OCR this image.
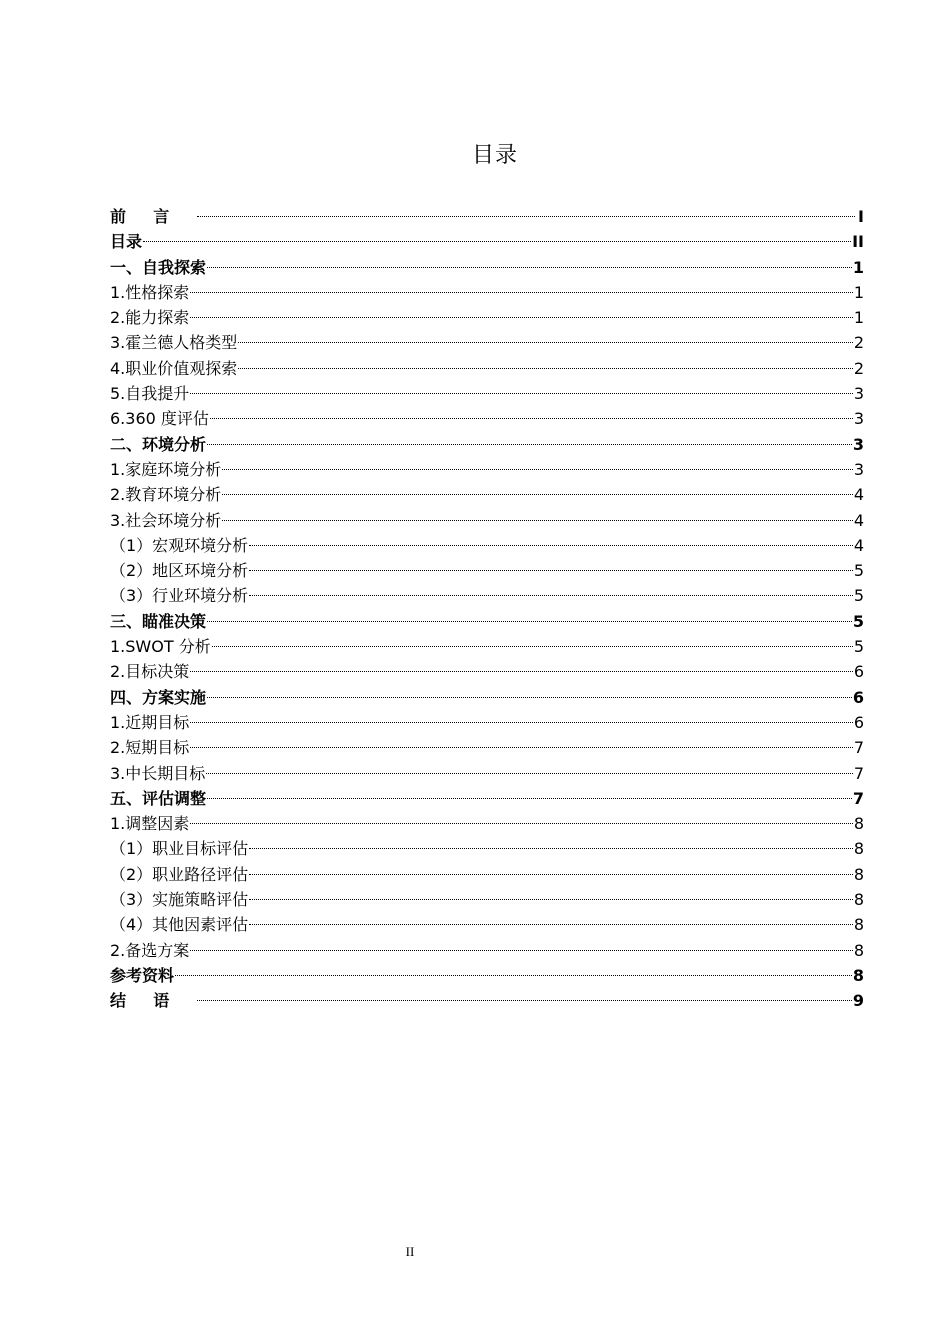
目录
前言	I
目录	II
一、自我探索	1
1.性格探索	1
2.能力探索	1
3.霍兰德人格类型	2
4.职业价值观探索	2
5.自我提升	3
6.360 度评估	3
二、环境分析	3
1.家庭环境分析	3
2.教育环境分析	4
3.社会环境分析	4
（1）宏观环境分析	4
（2）地区环境分析	5
（3）行业环境分析	5
三、瞄准决策	5
1.SWOT 分析	5
2.目标决策	6
四、方案实施	6
1.近期目标	6
2.短期目标	7
3.中长期目标	7
五、评估调整	7
1.调整因素	8
（1）职业目标评估	8
（2）职业路径评估	8
（3）实施策略评估	8
（4）其他因素评估	8
2.备选方案	8
参考资料	8
结语	9
II
